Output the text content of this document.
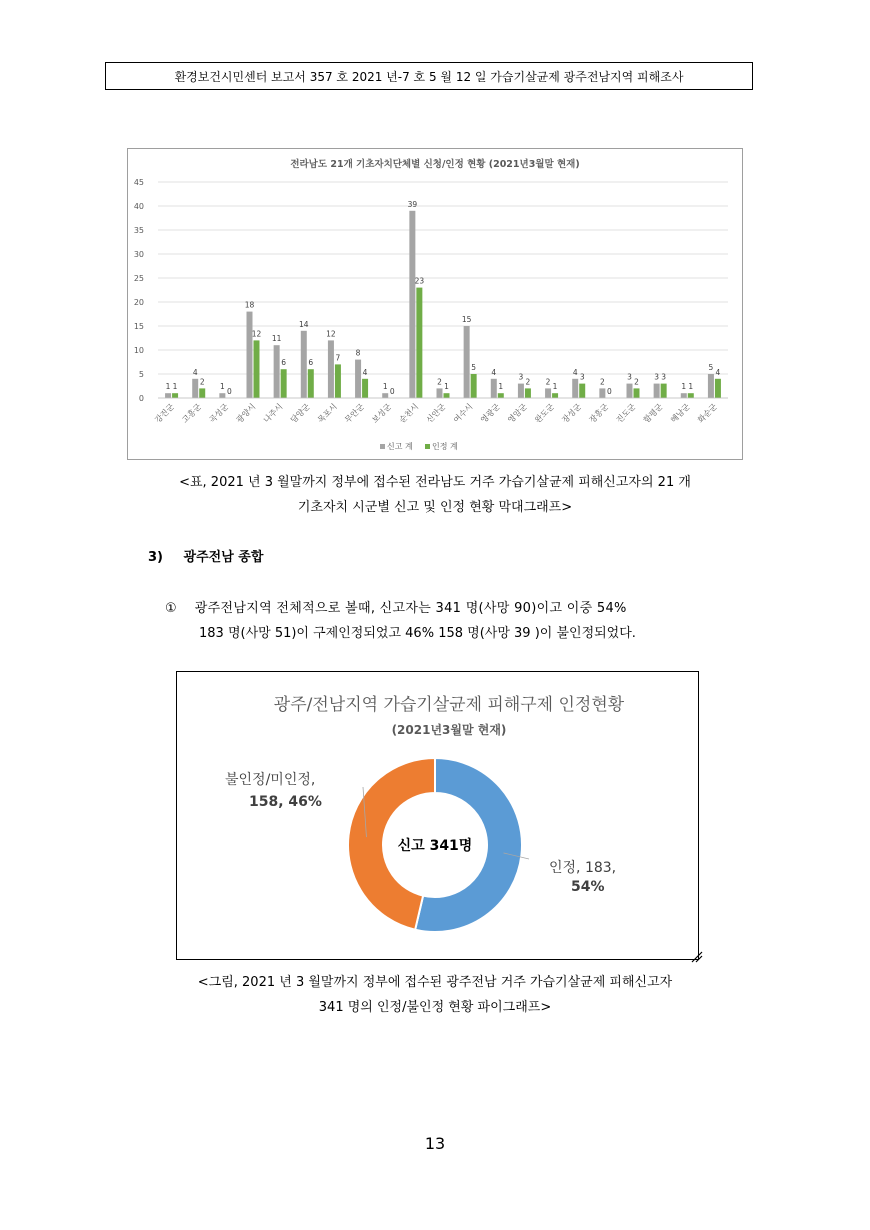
환경보건시민센터 보고서 357 호 2021 년-7 호 5 월 12 일 가습기살균제 광주전남지역 피해조사
전라남도 21개 기초자치단체별 신청/인정 현황 (2021년3월말 현재)
0
5
10
15
20
25
30
35
40
45
1 1
강진군
4
2
고흥군
1
0
곡성군
18
12
광양시
11
6
나주시
14
6
담양군
12
7
목포시
8
4
무안군
1
0
보성군
39
23
순천시
2
1
신안군
15
5
여수시
4
1
영광군
3
2
영암군
2
1
완도군
4
3
장성군
2
0
장흥군
3
2
진도군
3 3
함평군
1 1
해남군
5
4
화순군
신고 계 인정 계
<표, 2021 년 3 월말까지 정부에 접수된 전라남도 거주 가습기살균제 피해신고자의 21 개
기초자치 시군별 신고 및 인정 현황 막대그래프>
3) 광주전남 종합
① 광주전남지역 전체적으로 볼때, 신고자는 341 명(사망 90)이고 이중 54%
183 명(사망 51)이 구제인정되었고 46% 158 명(사망 39 )이 불인정되었다.
광주/전남지역 가습기살균제 피해구제 인정현황
(2021년3월말 현재)
인정, 183,
54%
불인정/미인정,
158, 46%
신고 341명
<그림, 2021 년 3 월말까지 정부에 접수된 광주전남 거주 가습기살균제 피해신고자
341 명의 인정/불인정 현황 파이그래프>
13
